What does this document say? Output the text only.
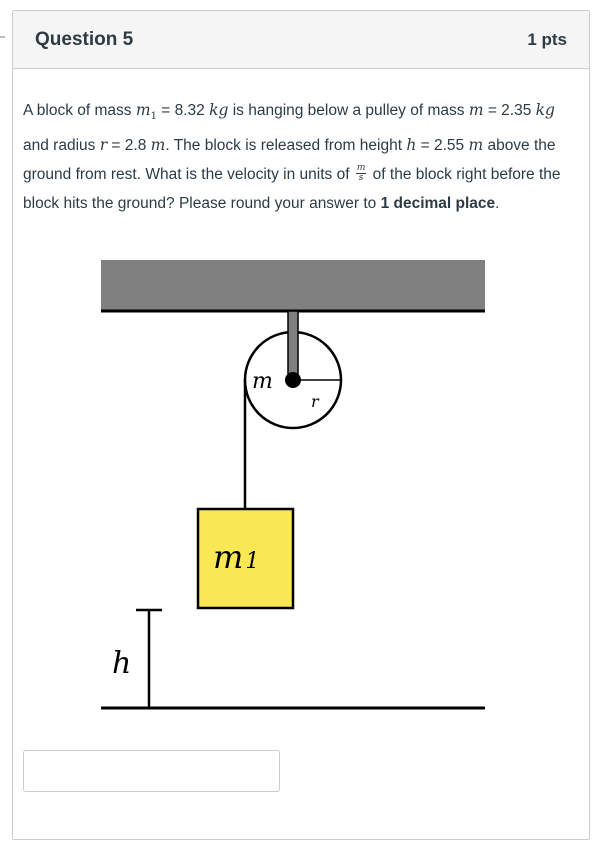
Question 5	1 pts
A block of mass $m_1 = 8.32$ kg is hanging below a pulley of mass m = 2.35 kg and radius r = 2.8 m. The block is released from height h = 2.55 m above the ground from rest. What is the velocity in units of $\frac{m}{s}$ of the block right before the block hits the ground? Please round your answer to 1 decimal place.
m
r
m1
h
